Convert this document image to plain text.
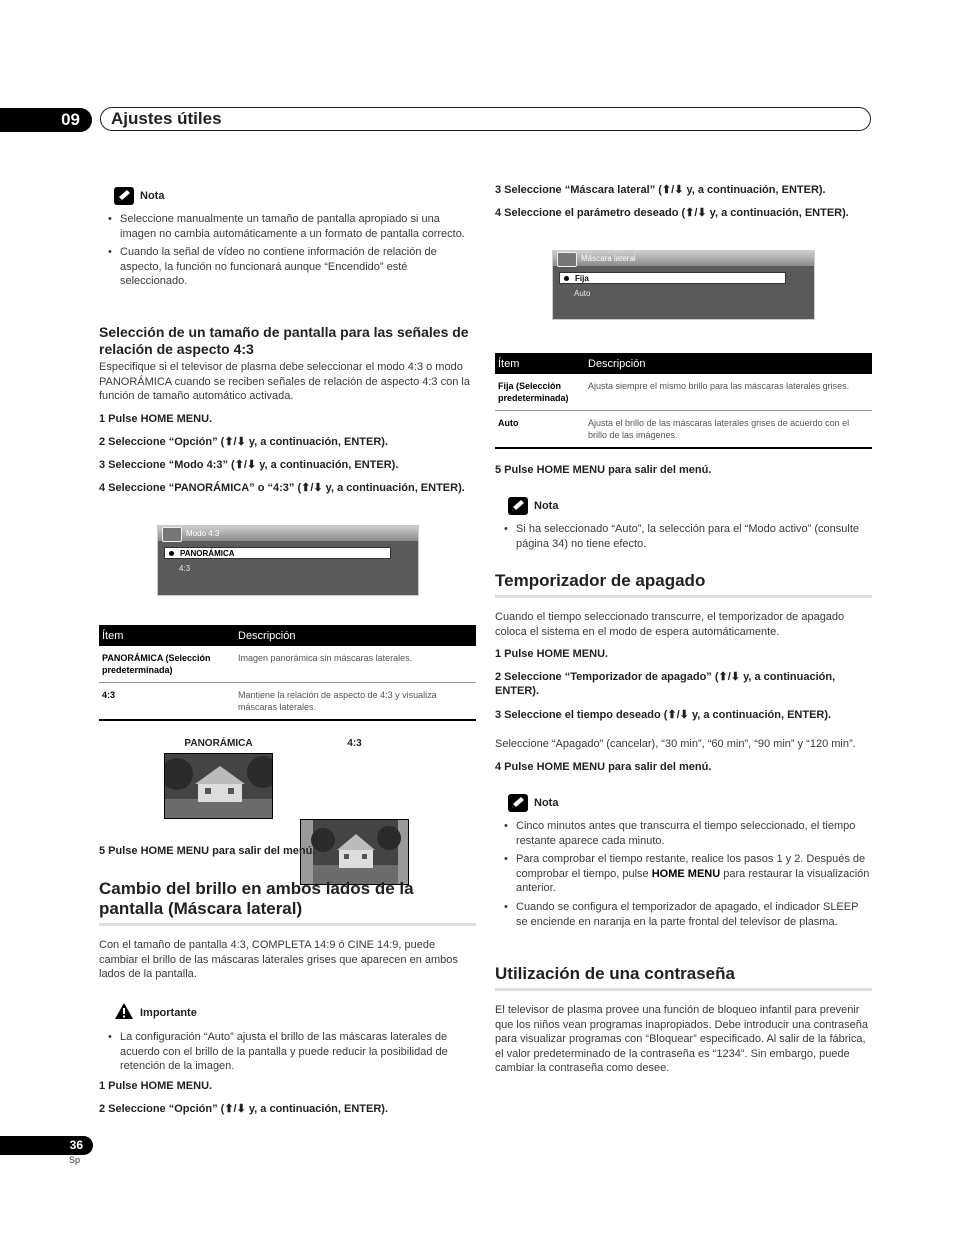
09	Ajustes útiles
Nota
• Seleccione manualmente un tamaño de pantalla apropiado si una imagen no cambia automáticamente a un formato de pantalla correcto.
• Cuando la señal de vídeo no contiene información de relación de aspecto, la función no funcionará aunque “Encendido” esté seleccionado.
Selección de un tamaño de pantalla para las señales de relación de aspecto 4:3

Especifique si el televisor de plasma debe seleccionar el modo 4:3 o modo PANORÁMICA cuando se reciben señales de relación de aspecto 4:3 con la función de tamaño automático activada.

1 Pulse HOME MENU.
2 Seleccione “Opción” (⬆/⬇ y, a continuación, ENTER).
3 Seleccione “Modo 4:3” (⬆/⬇ y, a continuación, ENTER).
4 Seleccione “PANORÁMICA” o “4:3” (⬆/⬇ y, a continuación, ENTER).
Modo 4:3
PANORÁMICA
4:3
Ítem	Descripción
PANORÁMICA (Selección predeterminada)	Imagen panorámica sin máscaras laterales.
4:3	Mantiene la relación de aspecto de 4:3 y visualiza máscaras laterales.
PANORÁMICA	4:3
5 Pulse HOME MENU para salir del menú.
Cambio del brillo en ambos lados de la pantalla (Máscara lateral)

Con el tamaño de pantalla 4:3, COMPLETA 14:9 ó CINE 14:9, puede cambiar el brillo de las máscaras laterales grises que aparecen en ambos lados de la pantalla.

Importante
• La configuración “Auto” ajusta el brillo de las máscaras laterales de acuerdo con el brillo de la pantalla y puede reducir la posibilidad de retención de la imagen.
1 Pulse HOME MENU.
2 Seleccione “Opción” (⬆/⬇ y, a continuación, ENTER).
3 Seleccione “Máscara lateral” (⬆/⬇ y, a continuación, ENTER).
4 Seleccione el parámetro deseado (⬆/⬇ y, a continuación, ENTER).
Máscara lateral
Fija
Auto
Ítem	Descripción
Fija (Selección predeterminada)	Ajusta siempre el mismo brillo para las máscaras laterales grises.
Auto	Ajusta el brillo de las máscaras laterales grises de acuerdo con el brillo de las imágenes.
5 Pulse HOME MENU para salir del menú.
Nota
• Si ha seleccionado “Auto”, la selección para el “Modo activo” (consulte página 34) no tiene efecto.
Temporizador de apagado

Cuando el tiempo seleccionado transcurre, el temporizador de apagado coloca el sistema en el modo de espera automáticamente.

1 Pulse HOME MENU.
2 Seleccione “Temporizador de apagado” (⬆/⬇ y, a continuación, ENTER).
3 Seleccione el tiempo deseado (⬆/⬇ y, a continuación, ENTER).

Seleccione “Apagado” (cancelar), “30 min”, “60 min”, “90 min” y “120 min”.

4 Pulse HOME MENU para salir del menú.
Nota
• Cinco minutos antes que transcurra el tiempo seleccionado, el tiempo restante aparece cada minuto.
• Para comprobar el tiempo restante, realice los pasos 1 y 2. Después de comprobar el tiempo, pulse HOME MENU para restaurar la visualización anterior.
• Cuando se configura el temporizador de apagado, el indicador SLEEP se enciende en naranja en la parte frontal del televisor de plasma.
Utilización de una contraseña

El televisor de plasma provee una función de bloqueo infantil para prevenir que los niños vean programas inapropiados. Debe introducir una contraseña para visualizar programas con “Bloquear” especificado. Al salir de la fábrica, el valor predeterminado de la contraseña es “1234”. Sin embargo, puede cambiar la contraseña como desee.

36
Sp
